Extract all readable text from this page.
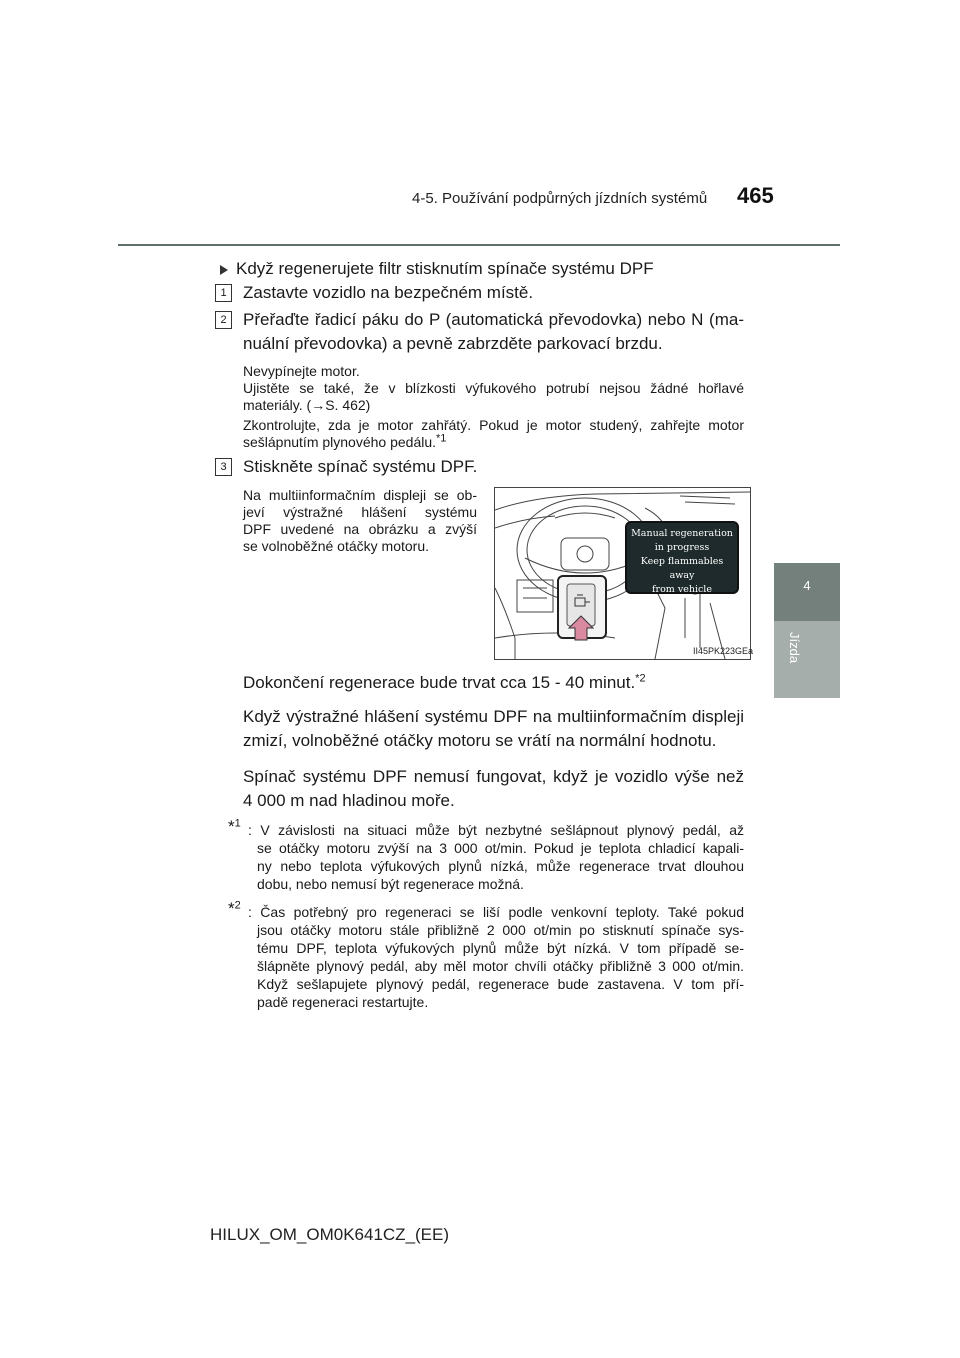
4-5. Používání podpůrných jízdních systémů 465
4
Jízda
Když regenerujete filtr stisknutím spínače systému DPF
1 Zastavte vozidlo na bezpečném místě.
2 Přeřaďte řadicí páku do P (automatická převodovka) nebo N (ma-
nuální převodovka) a pevně zabrzděte parkovací brzdu.
Nevypínejte motor.
Ujistěte se také, že v blízkosti výfukového potrubí nejsou žádné hořlavé
materiály. (→S. 462)
Zkontrolujte, zda je motor zahřátý. Pokud je motor studený, zahřejte motor
sešlápnutím plynového pedálu.$^{*1}$
3 Stiskněte spínač systému DPF.
Na multiinformačním displeji se ob-
jeví výstražné hlášení systému
DPF uvedené na obrázku a zvýší
se volnoběžné otáčky motoru.
Manual regeneration
in progress
Keep flammables away
from vehicle
II45PK223GEa
Dokončení regenerace bude trvat cca 15 - 40 minut.$^{*2}$
Když výstražné hlášení systému DPF na multiinformačním displeji
zmizí, volnoběžné otáčky motoru se vrátí na normální hodnotu.
Spínač systému DPF nemusí fungovat, když je vozidlo výše než
4 000 m nad hladinou moře.
*$^1$ : V závislosti na situaci může být nezbytné sešlápnout plynový pedál, až
se otáčky motoru zvýší na 3 000 ot/min. Pokud je teplota chladicí kapali-
ny nebo teplota výfukových plynů nízká, může regenerace trvat dlouhou
dobu, nebo nemusí být regenerace možná.
*$^2$ : Čas potřebný pro regeneraci se liší podle venkovní teploty. Také pokud
jsou otáčky motoru stále přibližně 2 000 ot/min po stisknutí spínače sys-
tému DPF, teplota výfukových plynů může být nízká. V tom případě se-
šlápněte plynový pedál, aby měl motor chvíli otáčky přibližně 3 000 ot/min.
Když sešlapujete plynový pedál, regenerace bude zastavena. V tom pří-
padě regeneraci restartujte.
HILUX_OM_OM0K641CZ_(EE)
